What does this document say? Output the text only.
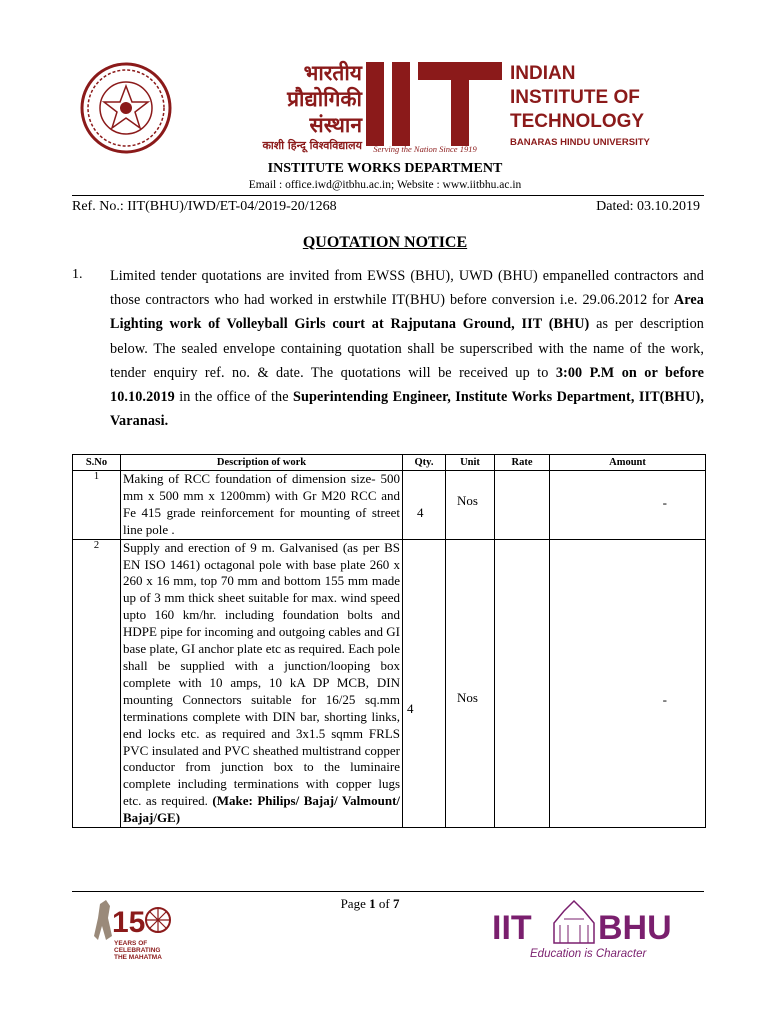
भारतीय
प्रौद्योगिकी
संस्थान
काशी हिन्दू विश्वविद्यालय	Serving the Nation Since 1919
INDIAN
INSTITUTE OF
TECHNOLOGY
BANARAS HINDU UNIVERSITY
INSTITUTE WORKS DEPARTMENT
Email : office.iwd@itbhu.ac.in; Website : www.iitbhu.ac.in
Ref. No.: IIT(BHU)/IWD/ET-04/2019-20/1268	Dated: 03.10.2019
QUOTATION NOTICE
1. Limited tender quotations are invited from EWSS (BHU), UWD (BHU) empanelled contractors and those contractors who had worked in erstwhile IT(BHU) before conversion i.e. 29.06.2012 for Area Lighting work of Volleyball Girls court at Rajputana Ground, IIT (BHU) as per description below. The sealed envelope containing quotation shall be superscribed with the name of the work, tender enquiry ref. no. & date. The quotations will be received up to 3:00 P.M on or before 10.10.2019 in the office of the Superintending Engineer, Institute Works Department, IIT(BHU), Varanasi.
S.No	Description of work	Qty.	Unit	Rate	Amount
1	Making of RCC foundation of dimension size- 500 mm x 500 mm x 1200mm) with Gr M20 RCC and Fe 415 grade reinforcement for mounting of street line pole .	4	Nos		-

2	Supply and erection of 9 m. Galvanised (as per BS EN ISO 1461) octagonal pole with base plate 260 x 260 x 16 mm, top 70 mm and bottom 155 mm made up of 3 mm thick sheet suitable for max. wind speed upto 160 km/hr. including foundation bolts and HDPE pipe for incoming and outgoing cables and GI base plate, GI anchor plate etc as required. Each pole shall be supplied with a junction/looping box complete with 10 amps, 10 kA DP MCB, DIN mounting Connectors suitable for 16/25 sq.mm terminations complete with DIN bar, shorting links, end locks etc. as required and 3x1.5 sqmm FRLS PVC insulated and PVC sheathed multistrand copper conductor from junction box to the luminaire complete including terminations with copper lugs etc. as required. (Make: Philips/ Bajaj/ Valmount/ Bajaj/GE)	4	Nos		-
Page 1 of 7
15
YEARS OF
CELEBRATING
THE MAHATMA
IIT BHU
Education is Character
